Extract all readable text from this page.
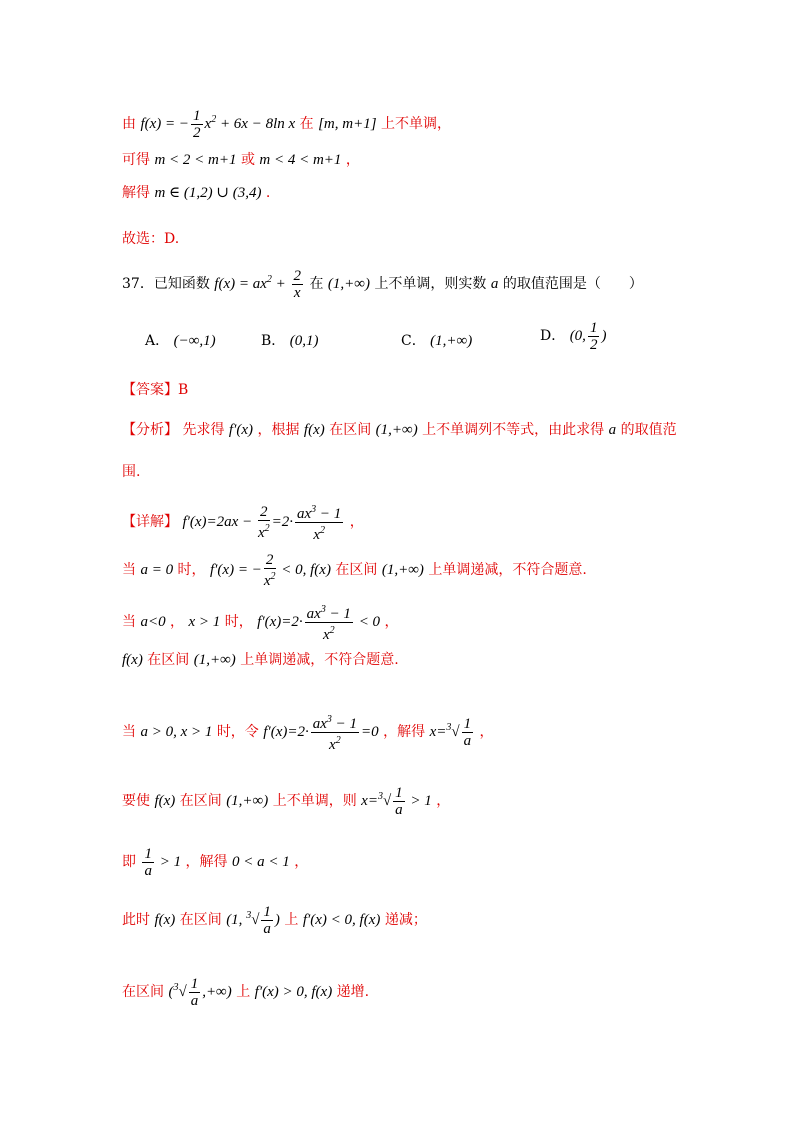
由 f(x) = − $\frac{1}{2} x^2 + 6x - 8\ln$ x 在 [m, m+1] 上不单调，
可得 m < 2 < m+1 或 m < 4 < m+1 ，
解得 m ∈ (1,2) ∪ (3,4) .
故选：D.
37．已知函数 $f(x) = ax^2 + \frac{2}{x}$ 在 (1,+∞) 上不单调，则实数 a 的取值范围是（　　）
A． (−∞,1)	B． (0,1)	C． (1,+∞)	D． (0, $\frac{1}{2}$ )
【答案】B
【分析】 先求得 f′(x) ，根据 f(x) 在区间 (1,+∞) 上不单调列不等式，由此求得 a 的取值范
围.
【详解】 $f'(x)=2ax - \frac{2}{x^2} =2\cdot \frac{ax^3 - 1}{x^2}$ ，
当 a = 0 时， f′(x) = − $\frac{2}{x^2} < 0$, f(x) 在区间 (1,+∞) 上单调递减，不符合题意.
当 a<0 ， x > 1 时， $f'(x)=2\cdot \frac{ax^3 - 1}{x^2} < 0$ ，
f(x) 在区间 (1,+∞) 上单调递减，不符合题意.
当 a > 0, x > 1 时，令 $f'(x)=2\cdot \frac{ax^3 - 1}{x^2} =0$ ，解得 $x=^3√ \frac{1}{a}$ ，
要使 f(x) 在区间 (1,+∞) 上不单调，则 $x=^3√ \frac{1}{a} > 1$ ，
即 $\frac{1}{a} > 1$ ，解得 0 < a < 1 ，
此时 f(x) 在区间 (1, $^3√ \frac{1}{a}$ ) 上 f′(x) < 0, f(x) 递减；
在区间 ($^3√ \frac{1}{a}$ ,+∞) 上 f′(x) > 0, f(x) 递增.
